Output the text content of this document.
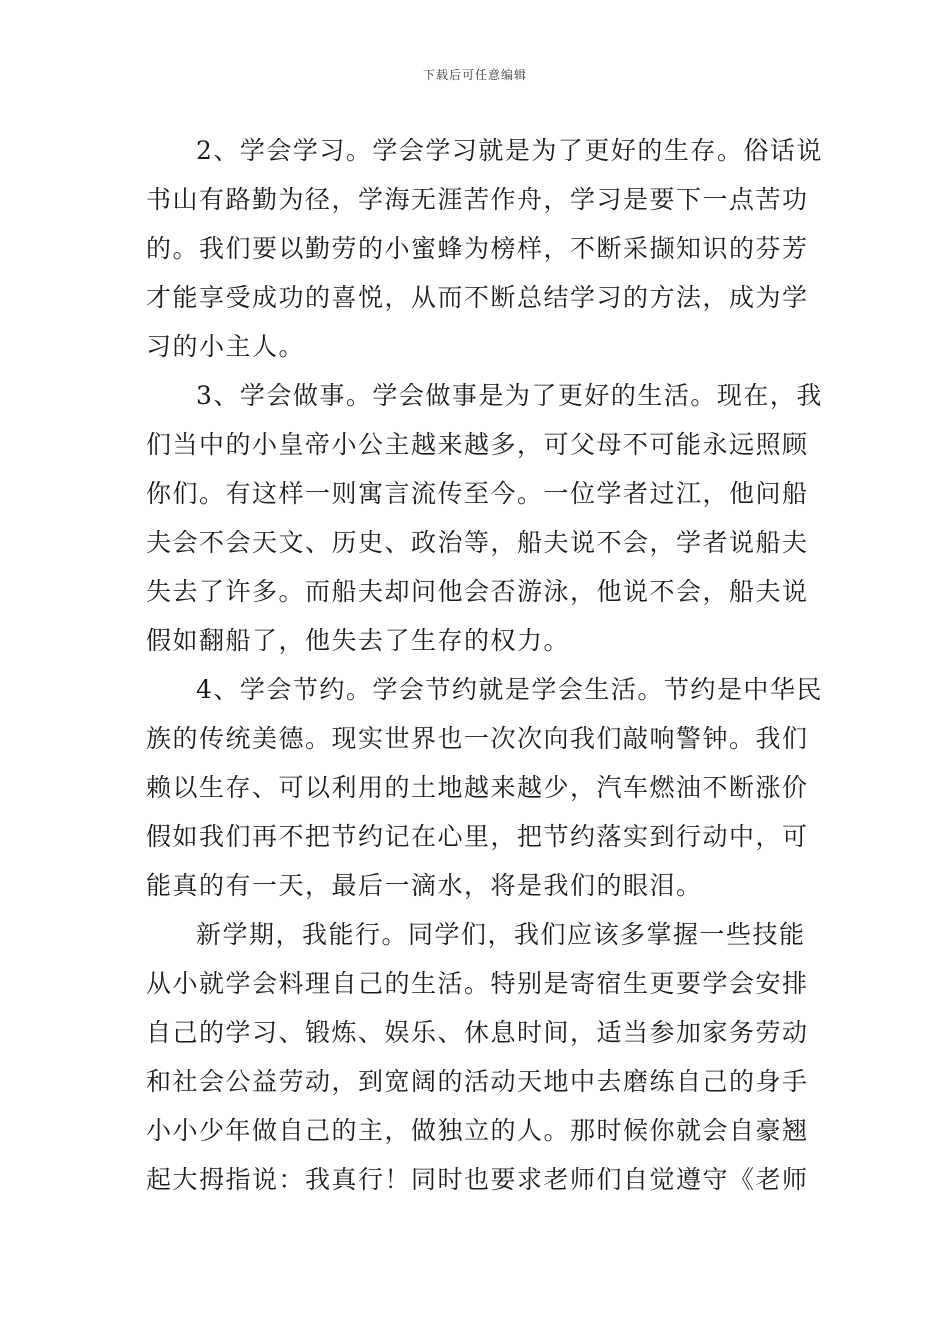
下载后可任意编辑
2、学会学习。学会学习就是为了更好的生存。俗话说
书山有路勤为径，学海无涯苦作舟，学习是要下一点苦功
的。我们要以勤劳的小蜜蜂为榜样，不断采撷知识的芬芳
才能享受成功的喜悦，从而不断总结学习的方法，成为学
习的小主人。
3、学会做事。学会做事是为了更好的生活。现在，我
们当中的小皇帝小公主越来越多，可父母不可能永远照顾
你们。有这样一则寓言流传至今。一位学者过江，他问船
夫会不会天文、历史、政治等，船夫说不会，学者说船夫
失去了许多。而船夫却问他会否游泳，他说不会，船夫说
假如翻船了，他失去了生存的权力。
4、学会节约。学会节约就是学会生活。节约是中华民
族的传统美德。现实世界也一次次向我们敲响警钟。我们
赖以生存、可以利用的土地越来越少，汽车燃油不断涨价
假如我们再不把节约记在心里，把节约落实到行动中，可
能真的有一天，最后一滴水，将是我们的眼泪。
新学期，我能行。同学们，我们应该多掌握一些技能
从小就学会料理自己的生活。特别是寄宿生更要学会安排
自己的学习、锻炼、娱乐、休息时间，适当参加家务劳动
和社会公益劳动，到宽阔的活动天地中去磨练自己的身手
小小少年做自己的主，做独立的人。那时候你就会自豪翘
起大拇指说：我真行！同时也要求老师们自觉遵守《老师
